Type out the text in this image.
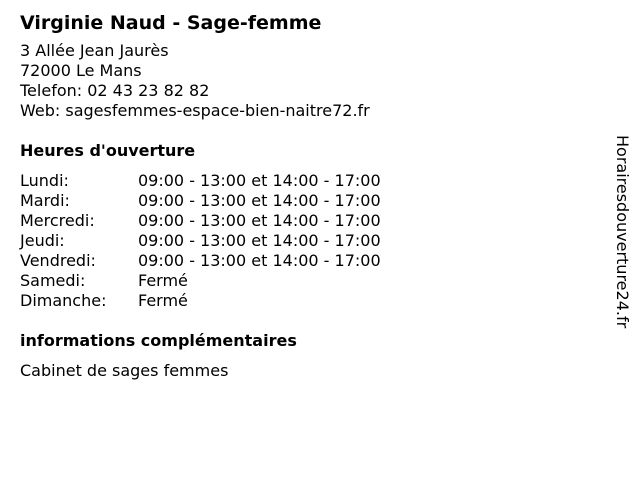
Virginie Naud - Sage-femme
3 Allée Jean Jaurès
72000 Le Mans
Telefon: 02 43 23 82 82
Web: sagesfemmes-espace-bien-naitre72.fr
Heures d'ouverture
Lundi:	09:00 - 13:00 et 14:00 - 17:00
Mardi:	09:00 - 13:00 et 14:00 - 17:00
Mercredi:	09:00 - 13:00 et 14:00 - 17:00
Jeudi:	09:00 - 13:00 et 14:00 - 17:00
Vendredi:	09:00 - 13:00 et 14:00 - 17:00
Samedi:	Fermé
Dimanche: Fermé
informations complémentaires
Cabinet de sages femmes
Horairesdouverture24.fr
